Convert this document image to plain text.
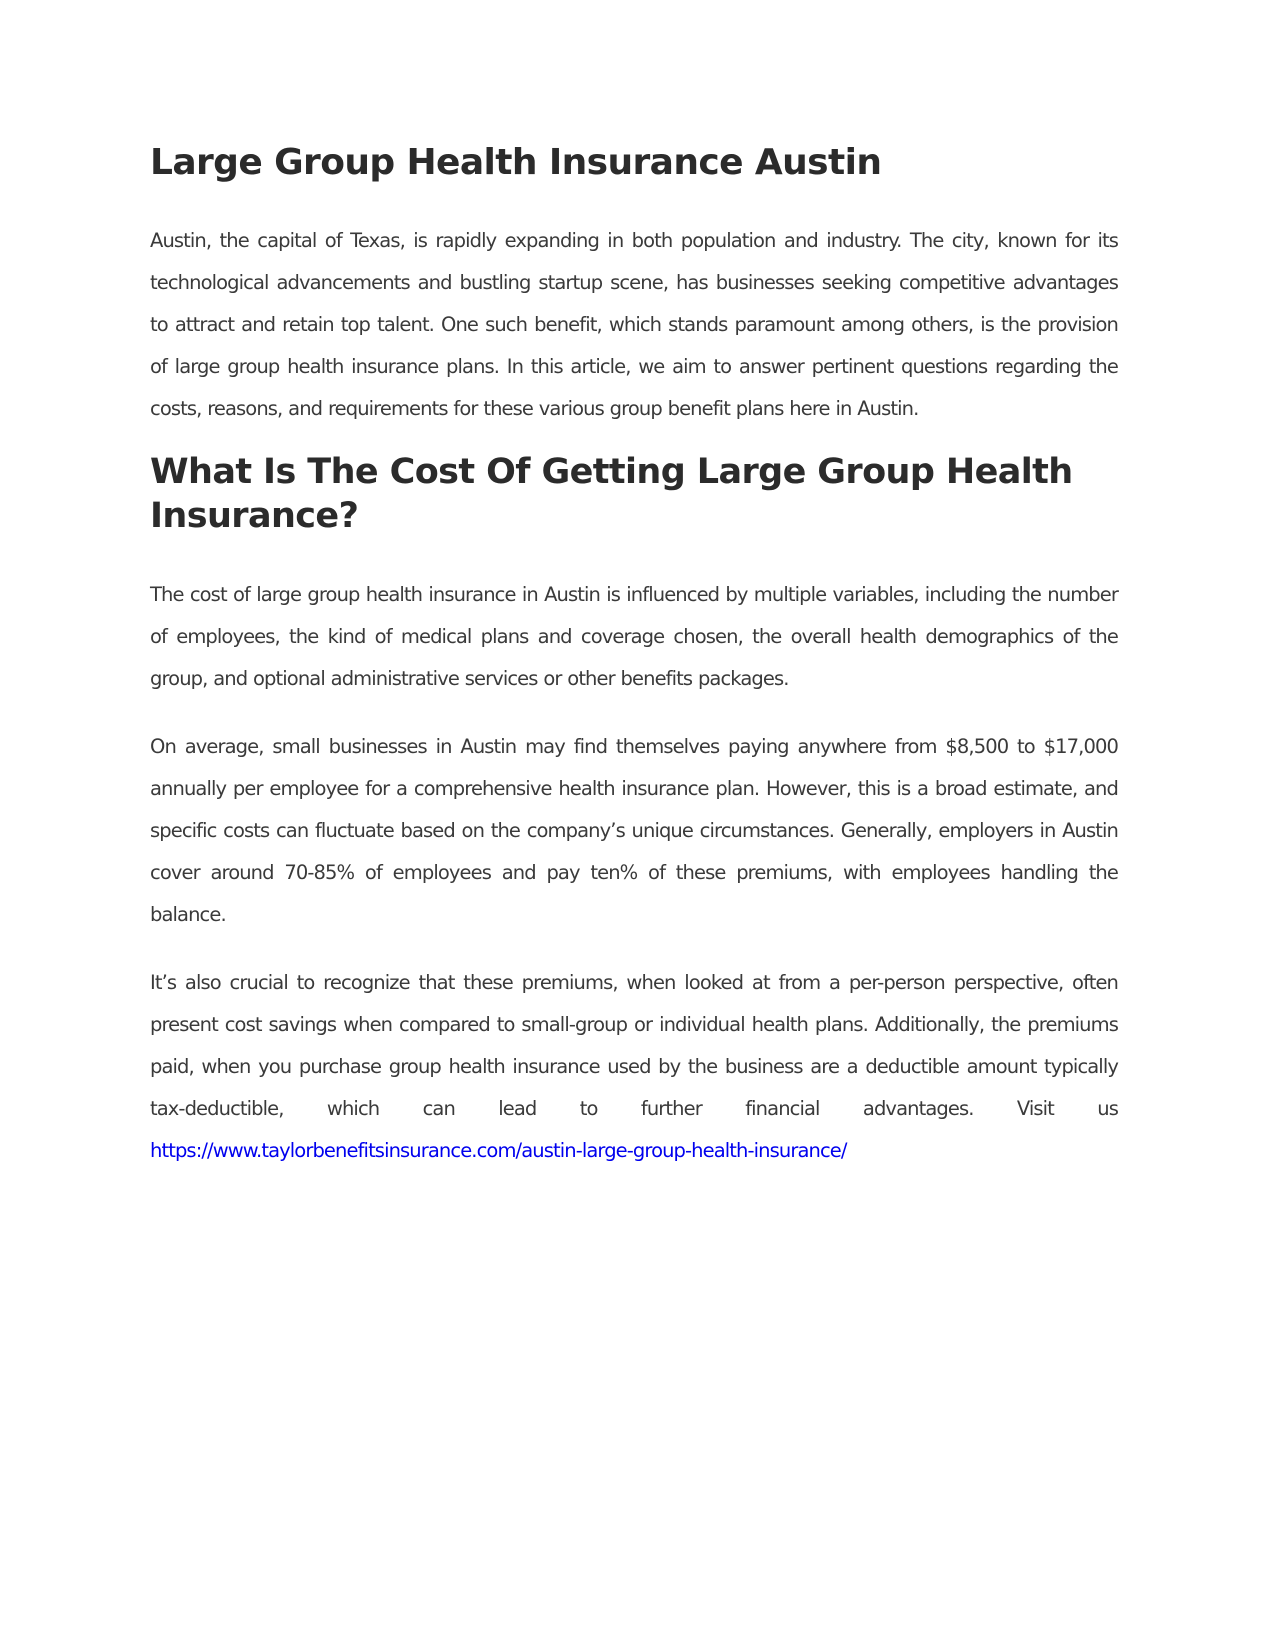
Large Group Health Insurance Austin

Austin, the capital of Texas, is rapidly expanding in both population and industry. The city, known for its technological advancements and bustling startup scene, has businesses seeking competitive advantages to attract and retain top talent. One such benefit, which stands paramount among others, is the provision of large group health insurance plans. In this article, we aim to answer pertinent questions regarding the costs, reasons, and requirements for these various group benefit plans here in Austin.

What Is The Cost Of Getting Large Group Health Insurance?

The cost of large group health insurance in Austin is influenced by multiple variables, including the number of employees, the kind of medical plans and coverage chosen, the overall health demographics of the group, and optional administrative services or other benefits packages.

On average, small businesses in Austin may find themselves paying anywhere from $8,500 to $17,000 annually per employee for a comprehensive health insurance plan. However, this is a broad estimate, and specific costs can fluctuate based on the company’s unique circumstances. Generally, employers in Austin cover around 70-85% of employees and pay ten% of these premiums, with employees handling the balance.

It’s also crucial to recognize that these premiums, when looked at from a per-person perspective, often present cost savings when compared to small-group or individual health plans. Additionally, the premiums paid, when you purchase group health insurance used by the business are a deductible amount typically tax-deductible, which can lead to further financial advantages. Visit us https://www.taylorbenefitsinsurance.com/austin-large-group-health-insurance/
